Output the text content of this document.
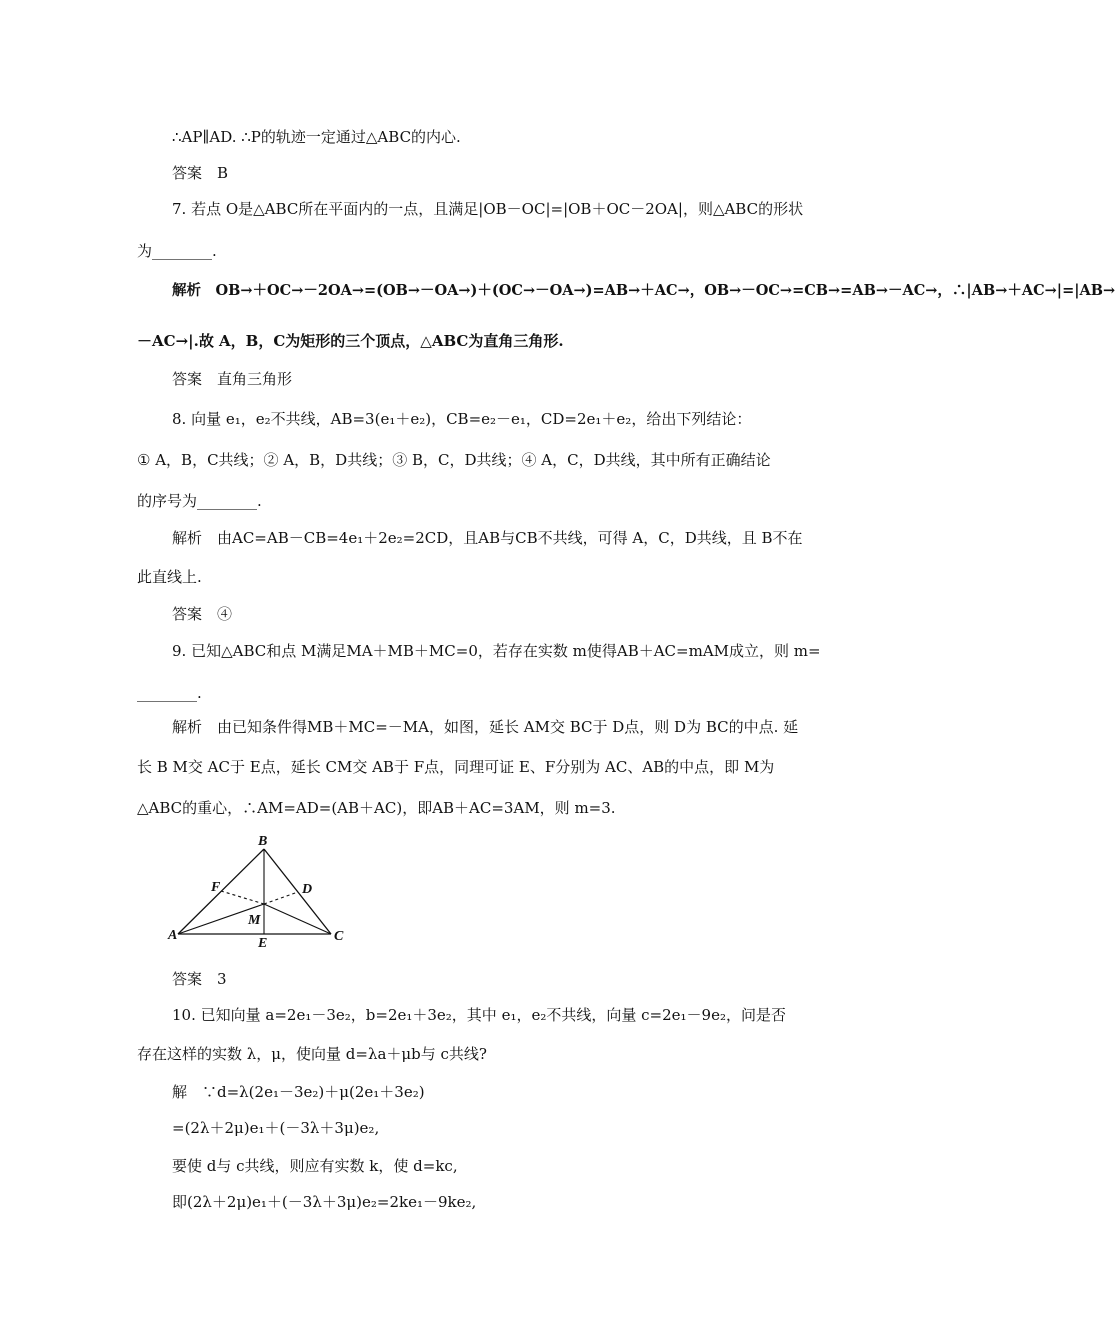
∴AP∥AD. ∴P的轨迹一定通过△ABC的内心.
答案　B
7. 若点 O是△ABC所在平面内的一点，且满足|OB－OC|=|OB＋OC－2OA|，则△ABC的形状
为________.
解析　OB→＋OC→－2OA→=(OB→－OA→)＋(OC→－OA→)=AB→＋AC→，OB→－OC→=CB→=AB→－AC→，∴|AB→＋AC→|=|AB→
－AC→|.故 A，B，C为矩形的三个顶点，△ABC为直角三角形.
答案　直角三角形
8. 向量 e₁，e₂不共线，AB=3(e₁＋e₂)，CB=e₂－e₁，CD=2e₁＋e₂，给出下列结论：
① A，B，C共线；② A，B，D共线；③ B，C，D共线；④ A，C，D共线，其中所有正确结论
的序号为________.
解析　由AC=AB－CB=4e₁＋2e₂=2CD，且AB与CB不共线，可得 A，C，D共线，且 B不在
此直线上.
答案　④
9. 已知△ABC和点 M满足MA＋MB＋MC=0，若存在实数 m使得AB＋AC=mAM成立，则 m=
________.
解析　由已知条件得MB＋MC=－MA，如图，延长 AM交 BC于 D点，则 D为 BC的中点. 延
长 B M交 AC于 E点，延长 CM交 AB于 F点，同理可证 E、F分别为 AC、AB的中点，即 M为
△ABC的重心，∴AM=AD=(AB＋AC)，即AB＋AC=3AM，则 m=3.
B
A	C
D
F
M
E
答案　3
10. 已知向量 a=2e₁－3e₂，b=2e₁＋3e₂，其中 e₁，e₂不共线，向量 c=2e₁－9e₂，问是否
存在这样的实数 λ，μ，使向量 d=λa＋μb与 c共线?
解　∵d=λ(2e₁－3e₂)＋μ(2e₁＋3e₂)
=(2λ＋2μ)e₁＋(－3λ＋3μ)e₂,
要使 d与 c共线，则应有实数 k，使 d=kc,
即(2λ＋2μ)e₁＋(－3λ＋3μ)e₂=2ke₁－9ke₂,
